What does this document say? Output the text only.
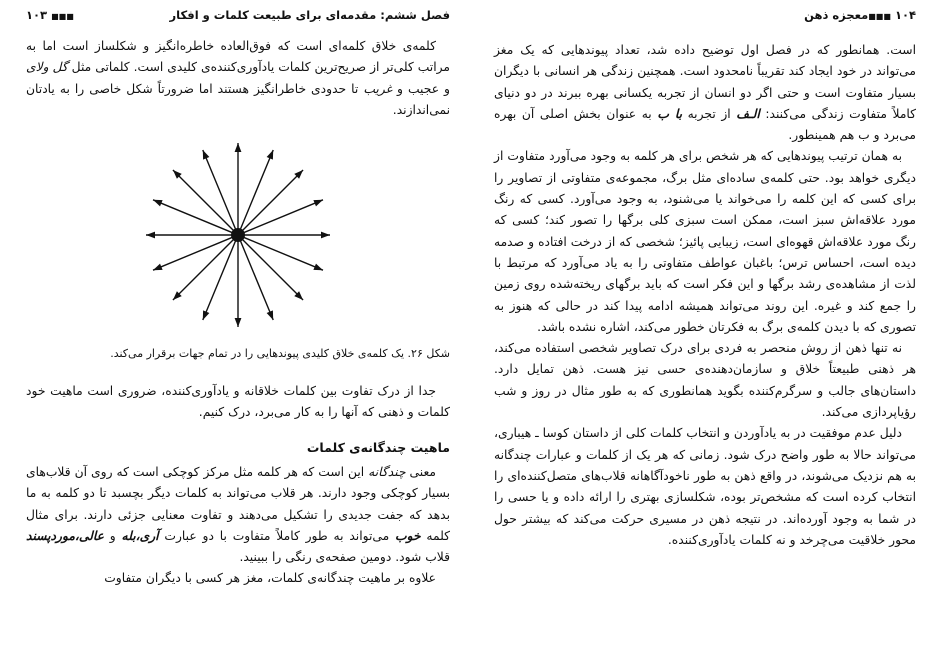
فصل ششم: مقدمه‌ای برای طبیعت کلمات و افکار
■■■ ۱۰۳

کلمه‌ی خلاق کلمه‌ای است که فوق‌العاده خاطره‌انگیز و شکلساز است اما به مراتب کلی‌تر از صریح‌ترین کلمات یادآوری‌کننده‌ی کلیدی است. کلماتی مثل گل ولای و عجیب و غریب تا حدودی خاطرانگیز هستند اما ضرورتاً شکل خاصی را به یادتان نمی‌اندازند.

شکل ۲۶. یک کلمه‌ی خلاق کلیدی پیوندهایی را در تمام جهات برقرار می‌کند.

جدا از درک تفاوت بین کلمات خلاقانه و یادآوری‌کننده، ضروری است ماهیت خود کلمات و ذهنی که آنها را به کار می‌برد، درک کنیم.

ماهیت چندگانه‌ی کلمات

معنی چندگانه این است که هر کلمه مثل مرکز کوچکی است که روی آن قلاب‌های بسیار کوچکی وجود دارند. هر قلاب می‌تواند به کلمات دیگر بچسبد تا دو کلمه به ما بدهد که جفت جدیدی را تشکیل می‌دهند و تفاوت معنایی جزئی دارند. برای مثال کلمه خوب می‌تواند به طور کاملاً متفاوت با دو عبارت آری،بله و عالی،موردپسند قلاب شود. دومین صفحه‌ی رنگی را ببینید.

علاوه بر ماهیت چندگانه‌ی کلمات، مغز هر کسی با دیگران متفاوت

۱۰۴ ■■■معجزه ذهن

است. همانطور که در فصل اول توضیح داده شد، تعداد پیوندهایی که یک مغز می‌تواند در خود ایجاد کند تقریباً نامحدود است. همچنین زندگی هر انسانی با دیگران بسیار متفاوت است و حتی اگر دو انسان از تجربه یکسانی بهره ببرند در دو دنیای کاملاً متفاوت زندگی می‌کنند: الـف از تجربه با ب به عنوان بخش اصلی آن بهره می‌برد و ب هم همینطور.

به همان ترتیب پیوندهایی که هر شخص برای هر کلمه به وجود می‌آورد متفاوت از دیگری خواهد بود. حتی کلمه‌ی ساده‌ای مثل برگ، مجموعه‌ی متفاوتی از تصاویر را برای کسی که این کلمه را می‌خواند یا می‌شنود، به وجود می‌آورد. کسی که رنگ مورد علاقه‌اش سبز است، ممکن است سبزی کلی برگها را تصور کند؛ کسی که رنگ مورد علاقه‌اش قهوه‌ای است، زیبایی پائیز؛ شخصی که از درخت افتاده و صدمه دیده است، احساس ترس؛ باغبان عواطف متفاوتی را به یاد می‌آورد که مرتبط با لذت از مشاهده‌ی رشد برگها و این فکر است که باید برگهای ریخته‌شده روی زمین را جمع کند و غیره. این روند می‌تواند همیشه ادامه پیدا کند در حالی که هنوز به تصوری که با دیدن کلمه‌ی برگ به فکرتان خطور می‌کند، اشاره نشده باشد.

نه تنها ذهن از روش منحصر به فردی برای درک تصاویر شخصی استفاده می‌کند، هر ذهنی طبیعتاً خلاق و سازمان‌دهنده‌ی حسی نیز هست. ذهن تمایل دارد. داستان‌های جالب و سرگرم‌کننده بگوید همانطوری که به طور مثال در روز و شب رؤیاپردازی می‌کند.

دلیل عدم موفقیت در به یادآوردن و انتخاب کلمات کلی از داستان کوسا ـ هیباری، می‌تواند حالا به طور واضح درک شود. زمانی که هر یک از کلمات و عبارات چندگانه به هم نزدیک می‌شوند، در واقع ذهن به طور ناخودآگاهانه قلاب‌های متصل‌کننده‌ای را انتخاب کرده است که مشخص‌تر بوده، شکلسازی بهتری را ارائه داده و یا حسی را در شما به وجود آورده‌اند. در نتیجه ذهن در مسیری حرکت می‌کند که بیشتر حول محور خلاقیت می‌چرخد و نه کلمات یادآوری‌کننده.
